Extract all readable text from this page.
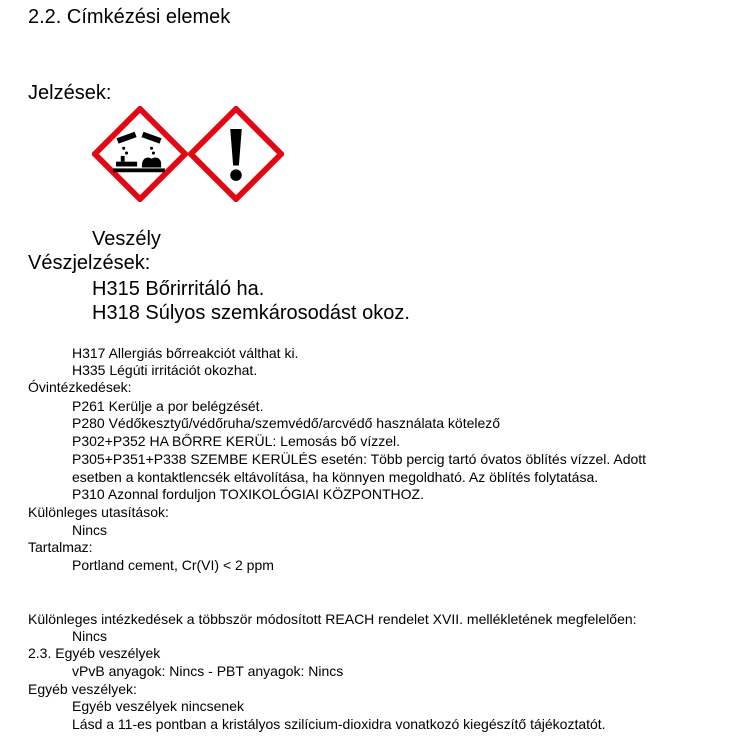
2.2. Címkézési elemek
Jelzések:
Veszély
Vészjelzések:
H315 Bőrirritáló ha.
H318 Súlyos szemkárosodást okoz.
H317 Allergiás bőrreakciót válthat ki.
H335 Légúti irritációt okozhat.
Óvintézkedések:
P261 Kerülje a por belégzését.
P280 Védőkesztyű/védőruha/szemvédő/arcvédő használata kötelező
P302+P352 HA BŐRRE KERÜL: Lemosás bő vízzel.
P305+P351+P338 SZEMBE KERÜLÉS esetén: Több percig tartó óvatos öblítés vízzel. Adott
esetben a kontaktlencsék eltávolítása, ha könnyen megoldható. Az öblítés folytatása.
P310 Azonnal forduljon TOXIKOLÓGIAI KÖZPONTHOZ.
Különleges utasítások:
Nincs
Tartalmaz:
Portland cement, Cr(VI) < 2 ppm
Különleges intézkedések a többször módosított REACH rendelet XVII. mellékletének megfelelően:
Nincs
2.3. Egyéb veszélyek
vPvB anyagok: Nincs - PBT anyagok: Nincs
Egyéb veszélyek:
Egyéb veszélyek nincsenek
Lásd a 11-es pontban a kristályos szilícium-dioxidra vonatkozó kiegészítő tájékoztatót.
